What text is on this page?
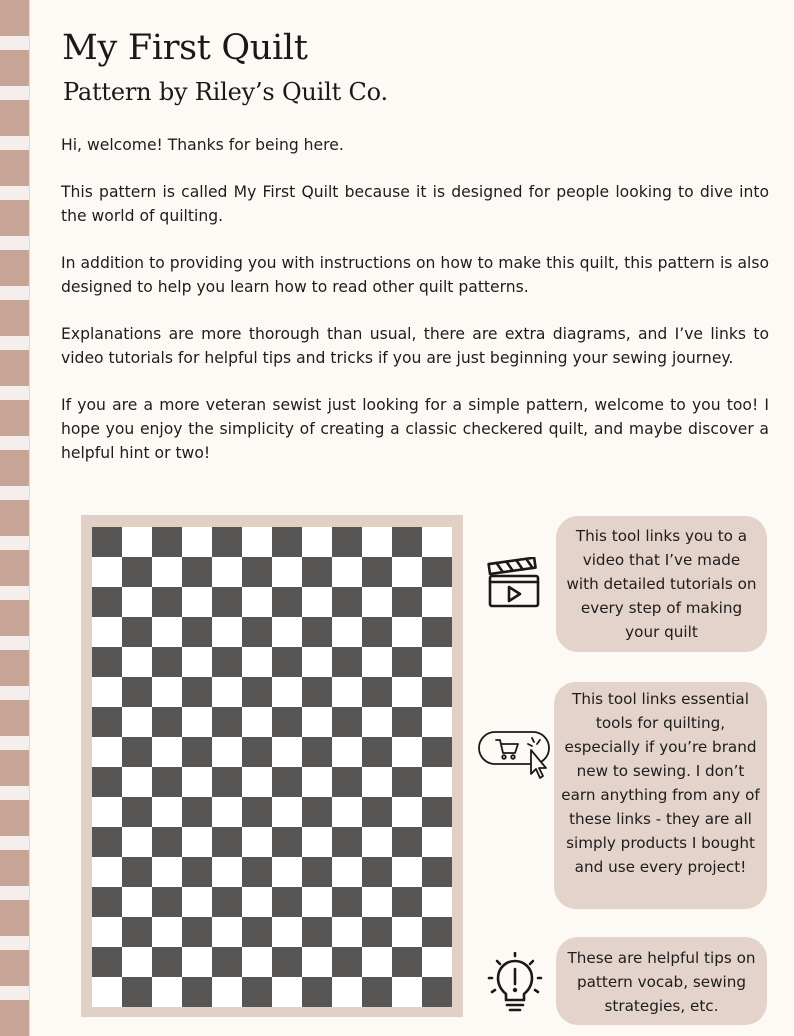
My First Quilt
Pattern by Riley’s Quilt Co.

Hi, welcome! Thanks for being here.

This pattern is called My First Quilt because it is designed for people looking to dive into the world of quilting.

In addition to providing you with instructions on how to make this quilt, this pattern is also designed to help you learn how to read other quilt patterns.

Explanations are more thorough than usual, there are extra diagrams, and I’ve links to video tutorials for helpful tips and tricks if you are just beginning your sewing journey.

If you are a more veteran sewist just looking for a simple pattern, welcome to you too! I hope you enjoy the simplicity of creating a classic checkered quilt, and maybe discover a helpful hint or two!

This tool links you to a video that I’ve made with detailed tutorials on every step of making your quilt
This tool links essential tools for quilting, especially if you’re brand new to sewing. I don’t earn anything from any of these links - they are all simply products I bought and use every project!
These are helpful tips on pattern vocab, sewing strategies, etc.
